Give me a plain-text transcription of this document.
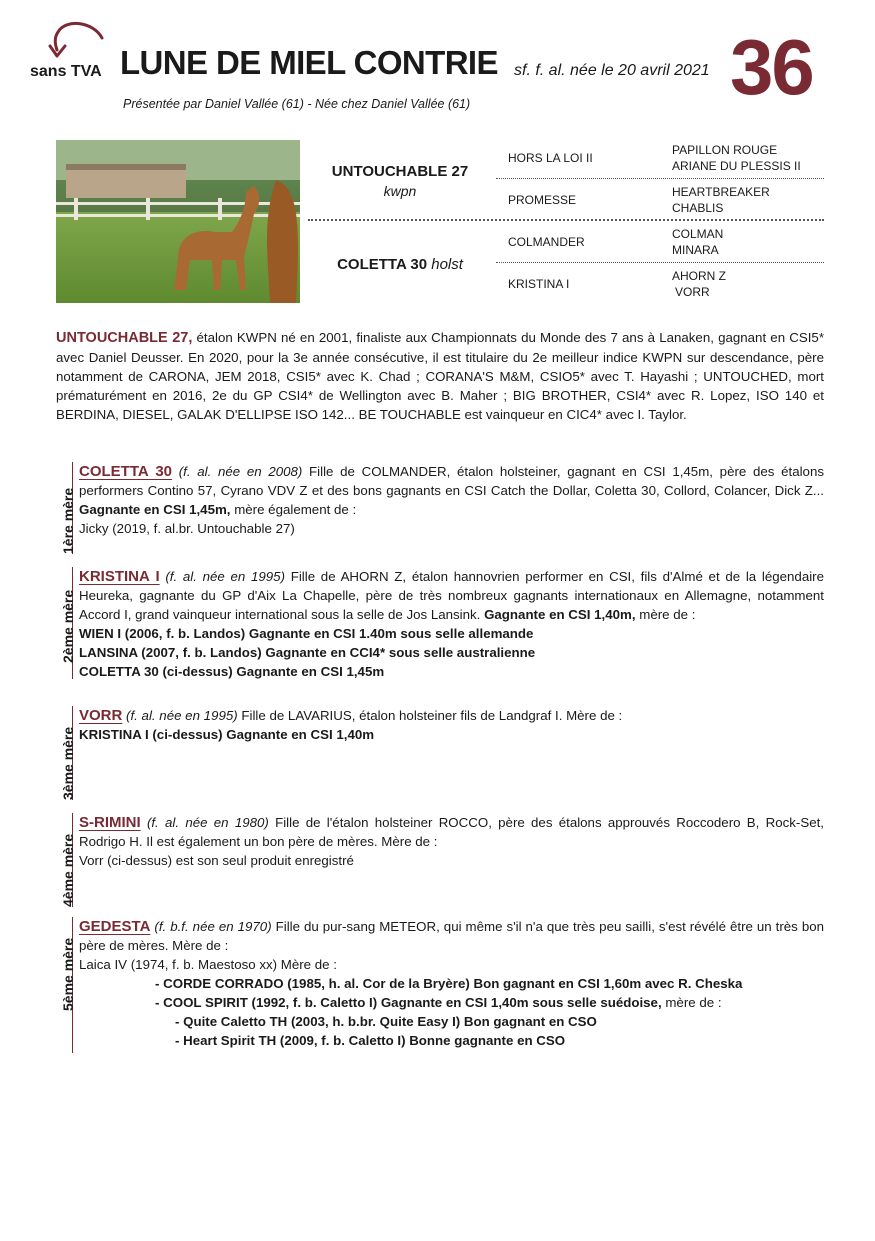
sans TVA LUNE DE MIEL CONTRIE sf. f. al. née le 20 avril 2021 36
Présentée par Daniel Vallée (61) - Née chez Daniel Vallée (61)
UNTOUCHABLE 27
kwpn
COLETTA 30 holst
HORS LA LOI II
PROMESSE
COLMANDER
KRISTINA I
PAPILLON ROUGE
ARIANE DU PLESSIS II
HEARTBREAKER
CHABLIS
COLMAN
MINARA
AHORN Z
VORR
UNTOUCHABLE 27, étalon KWPN né en 2001, finaliste aux Championnats du Monde des 7 ans à Lanaken, gagnant en CSI5* avec Daniel Deusser. En 2020, pour la 3e année consécutive, il est titulaire du 2e meilleur indice KWPN sur descendance, père notamment de CARONA, JEM 2018, CSI5* avec K. Chad ; CORANA'S M&M, CSIO5* avec T. Hayashi ; UNTOUCHED, mort prématurément en 2016, 2e du GP CSI4* de Wellington avec B. Maher ; BIG BROTHER, CSI4* avec R. Lopez, ISO 140 et BERDINA, DIESEL, GALAK D'ELLIPSE ISO 142... BE TOUCHABLE est vainqueur en CIC4* avec I. Taylor.
1ère mère
COLETTA 30 (f. al. née en 2008) Fille de COLMANDER, étalon holsteiner, gagnant en CSI 1,45m, père des étalons performers Contino 57, Cyrano VDV Z et des bons gagnants en CSI Catch the Dollar, Coletta 30, Collord, Colancer, Dick Z... Gagnante en CSI 1,45m, mère également de :
Jicky (2019, f. al.br. Untouchable 27)
2ème mère
KRISTINA I (f. al. née en 1995) Fille de AHORN Z, étalon hannovrien performer en CSI, fils d'Almé et de la légendaire Heureka, gagnante du GP d'Aix La Chapelle, père de très nombreux gagnants internationaux en Allemagne, notamment Accord I, grand vainqueur international sous la selle de Jos Lansink. Gagnante en CSI 1,40m, mère de :
WIEN I (2006, f. b. Landos) Gagnante en CSI 1.40m sous selle allemande
LANSINA (2007, f. b. Landos) Gagnante en CCI4* sous selle australienne
COLETTA 30 (ci-dessus) Gagnante en CSI 1,45m
3ème mère
VORR (f. al. née en 1995) Fille de LAVARIUS, étalon holsteiner fils de Landgraf I. Mère de :
KRISTINA I (ci-dessus) Gagnante en CSI 1,40m
4ème mère
S-RIMINI (f. al. née en 1980) Fille de l'étalon holsteiner ROCCO, père des étalons approuvés Roccodero B, Rock-Set, Rodrigo H. Il est également un bon père de mères. Mère de :
Vorr (ci-dessus) est son seul produit enregistré
5ème mère
GEDESTA (f. b.f. née en 1970) Fille du pur-sang METEOR, qui même s'il n'a que très peu sailli, s'est révélé être un très bon père de mères. Mère de :
Laica IV (1974, f. b. Maestoso xx) Mère de :
- CORDE CORRADO (1985, h. al. Cor de la Bryère) Bon gagnant en CSI 1,60m avec R. Cheska
- COOL SPIRIT (1992, f. b. Caletto I) Gagnante en CSI 1,40m sous selle suédoise, mère de :
- Quite Caletto TH (2003, h. b.br. Quite Easy I) Bon gagnant en CSO
- Heart Spirit TH (2009, f. b. Caletto I) Bonne gagnante en CSO
